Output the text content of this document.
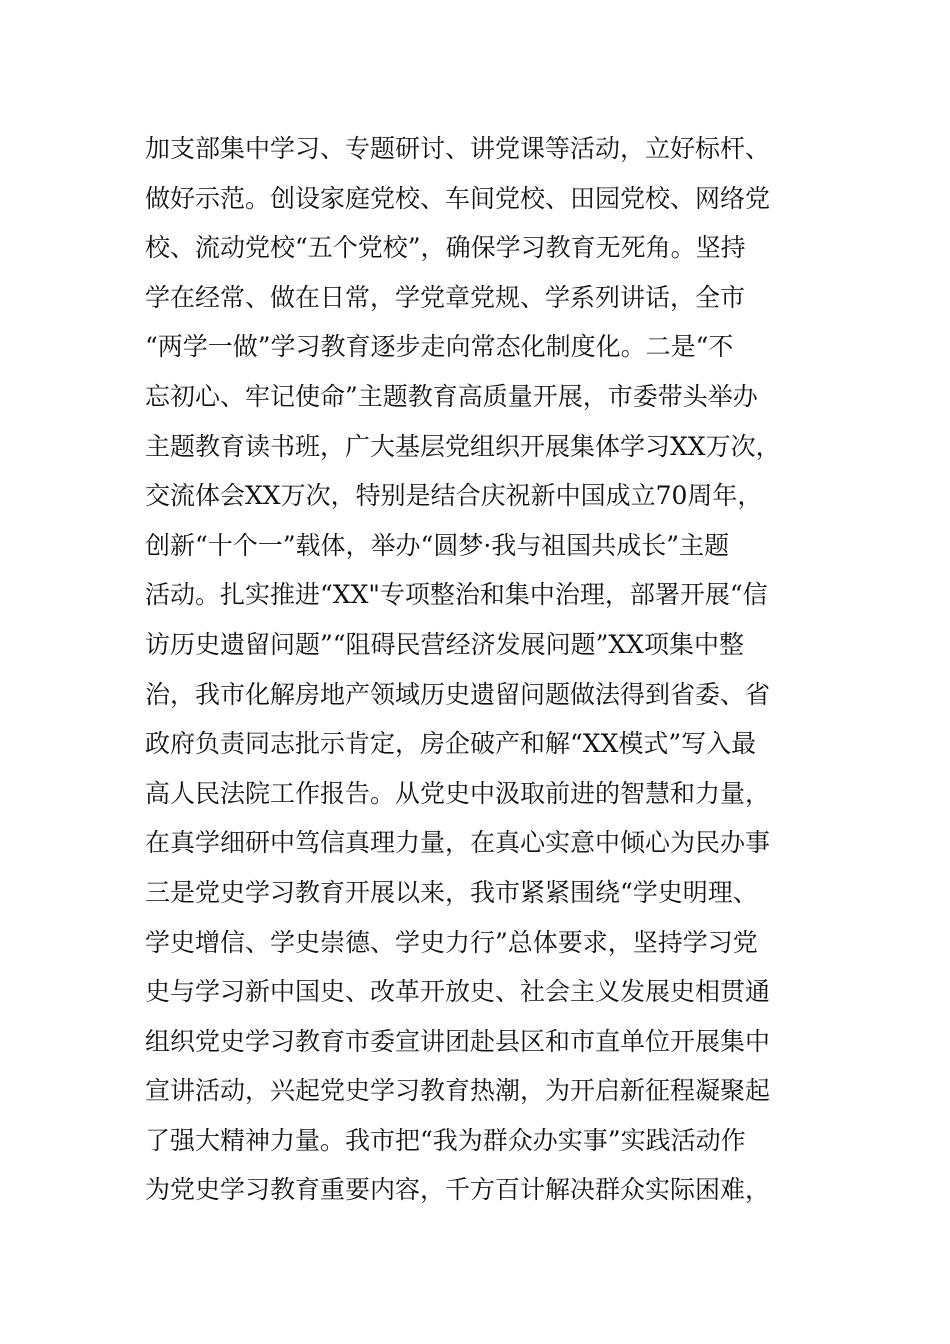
加支部集中学习、专题研讨、讲党课等活动，立好标杆、
做好示范。创设家庭党校、车间党校、田园党校、网络党
校、流动党校“五个党校”，确保学习教育无死角。坚持
学在经常、做在日常，学党章党规、学系列讲话，全市
“两学一做”学习教育逐步走向常态化制度化。二是“不
忘初心、牢记使命”主题教育高质量开展，市委带头举办
主题教育读书班，广大基层党组织开展集体学习XX万次，
交流体会XX万次，特别是结合庆祝新中国成立70周年，
创新“十个一”载体，举办“圆梦·我与祖国共成长”主题
活动。扎实推进“XX"专项整治和集中治理，部署开展“信
访历史遗留问题”“阻碍民营经济发展问题”XX项集中整
治，我市化解房地产领域历史遗留问题做法得到省委、省
政府负责同志批示肯定，房企破产和解“XX模式”写入最
高人民法院工作报告。从党史中汲取前进的智慧和力量，
在真学细研中笃信真理力量，在真心实意中倾心为民办事
三是党史学习教育开展以来，我市紧紧围绕“学史明理、
学史增信、学史崇德、学史力行”总体要求，坚持学习党
史与学习新中国史、改革开放史、社会主义发展史相贯通
组织党史学习教育市委宣讲团赴县区和市直单位开展集中
宣讲活动，兴起党史学习教育热潮，为开启新征程凝聚起
了强大精神力量。我市把“我为群众办实事”实践活动作
为党史学习教育重要内容，千方百计解决群众实际困难，
